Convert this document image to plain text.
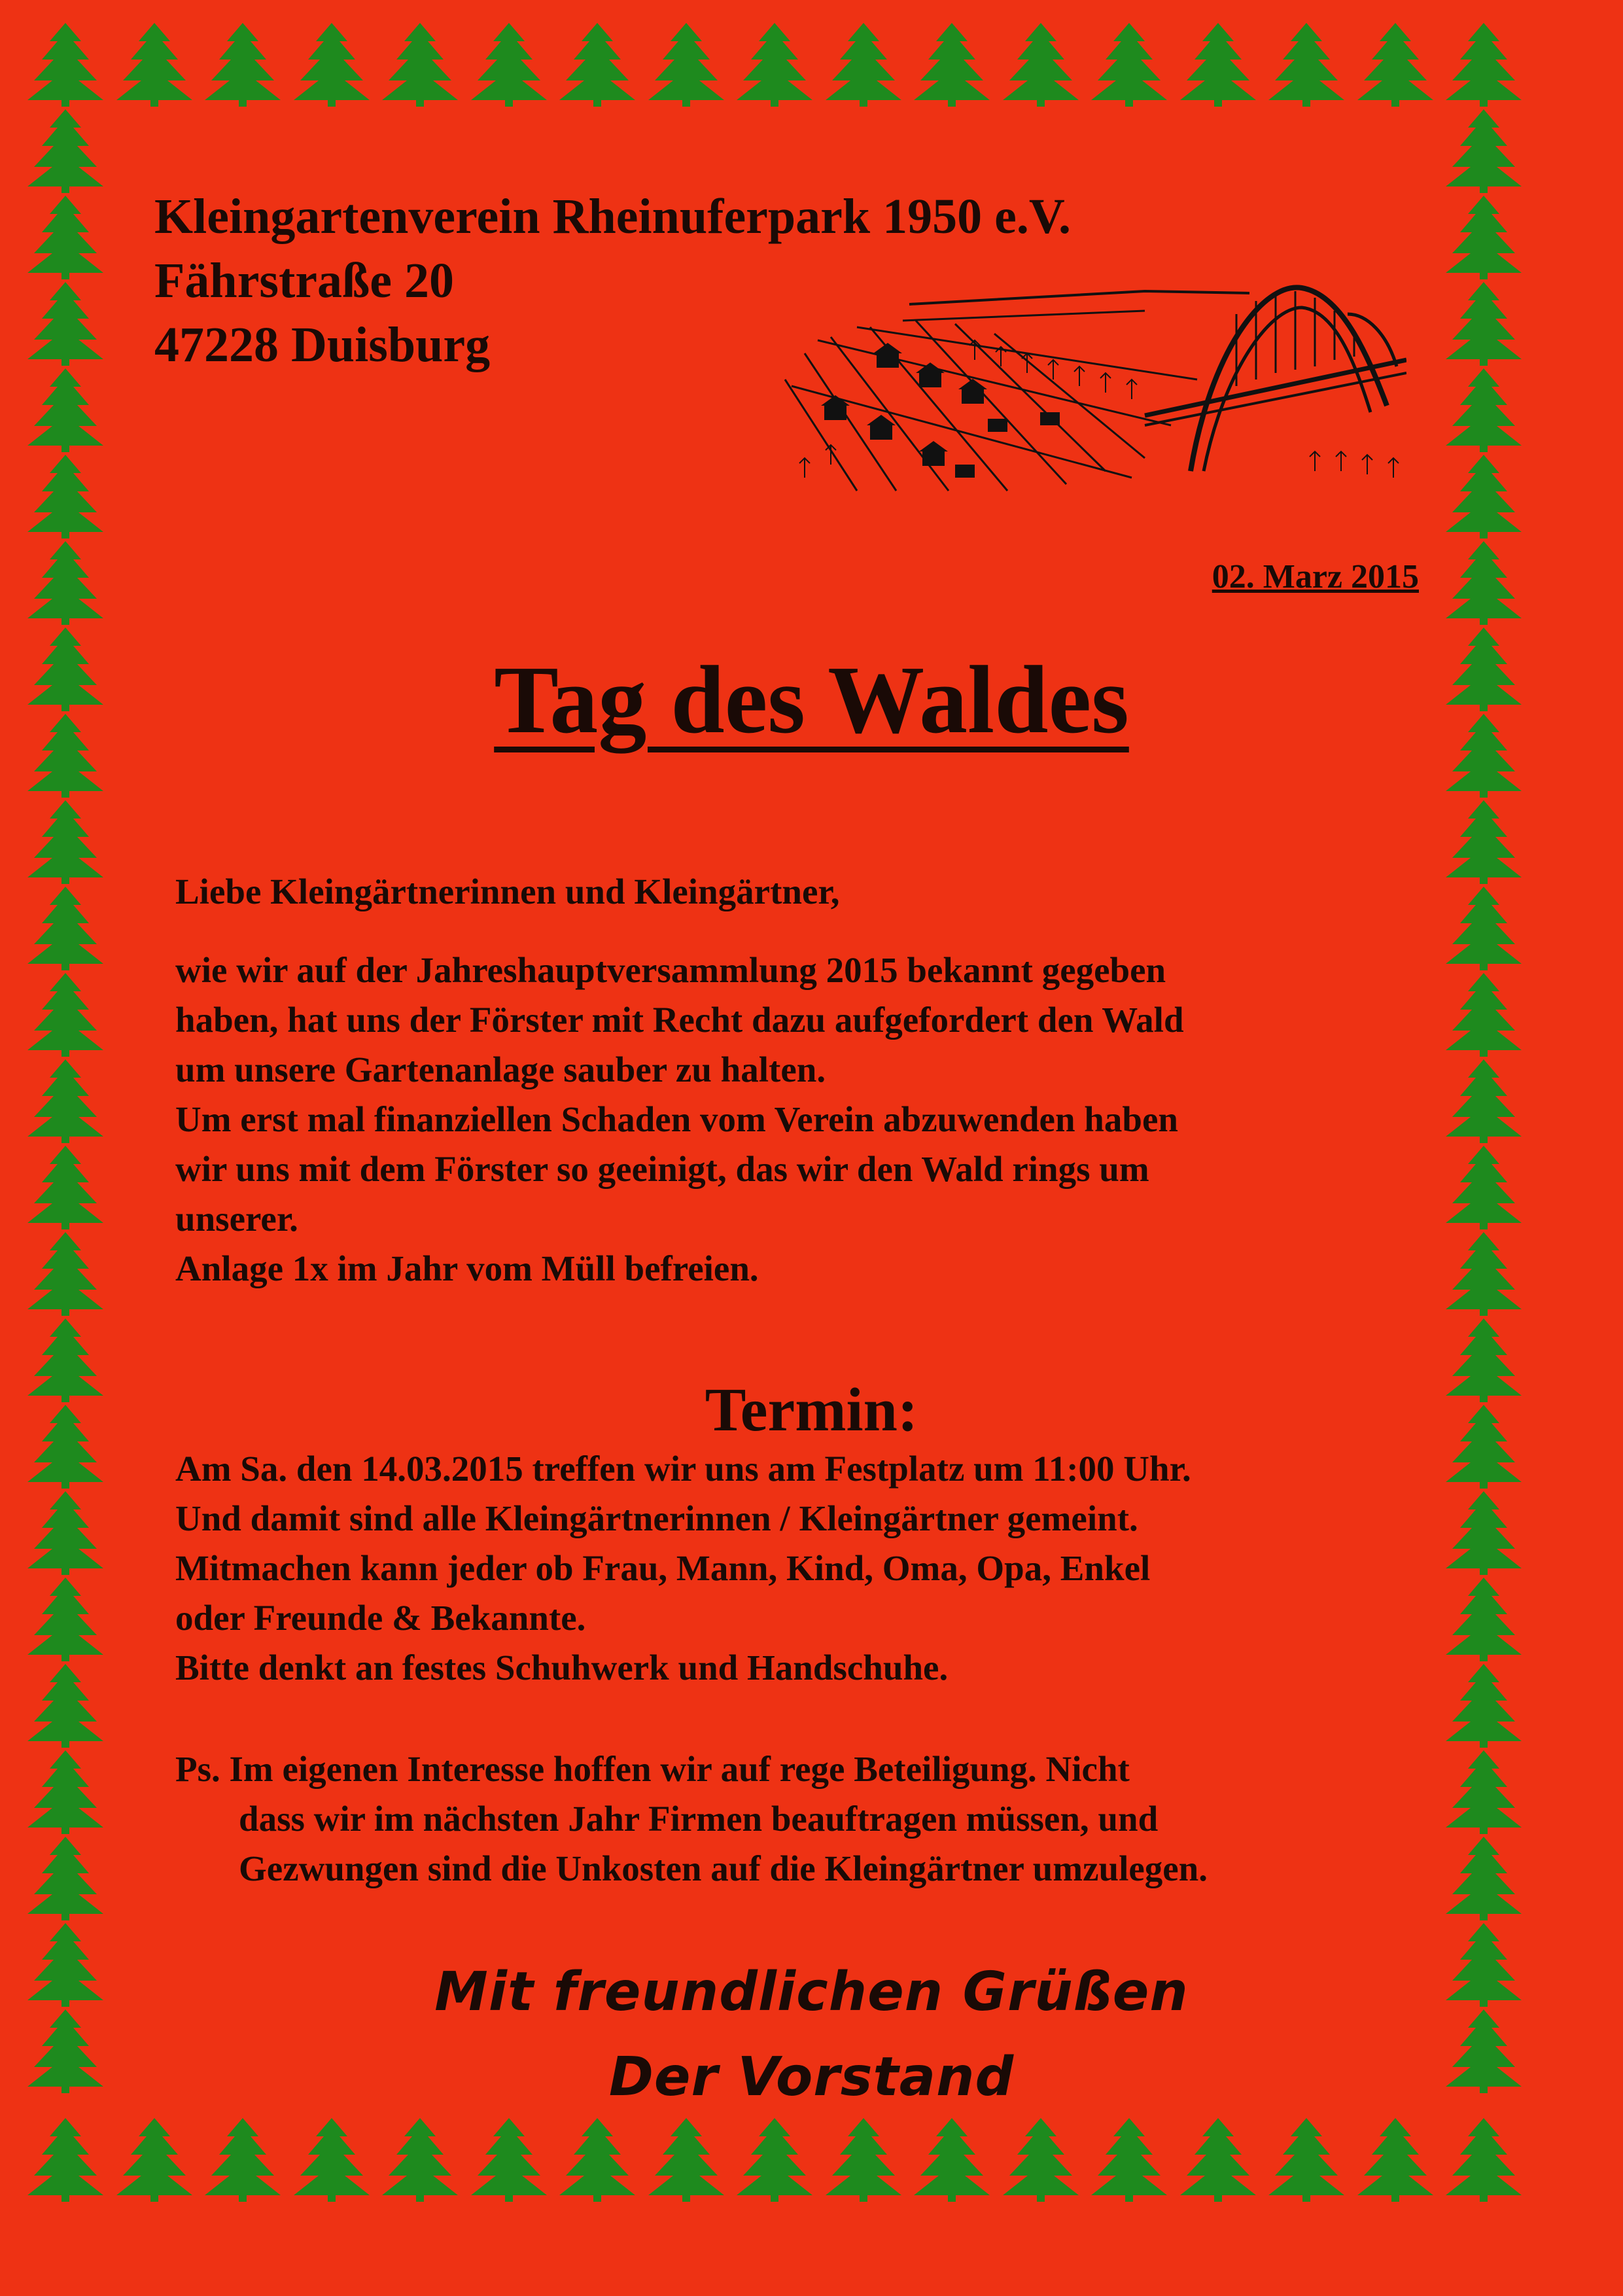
Kleingartenverein Rheinuferpark 1950 e.V.
Fährstraße 20
47228 Duisburg
02. Marz 2015
Tag des Waldes
Liebe Kleingärtnerinnen und Kleingärtner,
wie wir auf der Jahreshauptversammlung 2015 bekannt gegeben
haben, hat uns der Förster mit Recht dazu aufgefordert den Wald
um unsere Gartenanlage sauber zu halten.
Um erst mal finanziellen Schaden vom Verein abzuwenden haben
wir uns mit dem Förster so geeinigt, das wir den Wald rings um
unserer.
Anlage 1x im Jahr vom Müll befreien.
Termin:
Am Sa. den 14.03.2015 treffen wir uns am Festplatz um 11:00 Uhr.
Und damit sind alle Kleingärtnerinnen / Kleingärtner gemeint.
Mitmachen kann jeder ob Frau, Mann, Kind, Oma, Opa, Enkel
oder Freunde & Bekannte.
Bitte denkt an festes Schuhwerk und Handschuhe.
Ps. Im eigenen Interesse hoffen wir auf rege Beteiligung. Nicht
dass wir im nächsten Jahr Firmen beauftragen müssen, und
Gezwungen sind die Unkosten auf die Kleingärtner umzulegen.
Mit freundlichen Grüßen
Der Vorstand
